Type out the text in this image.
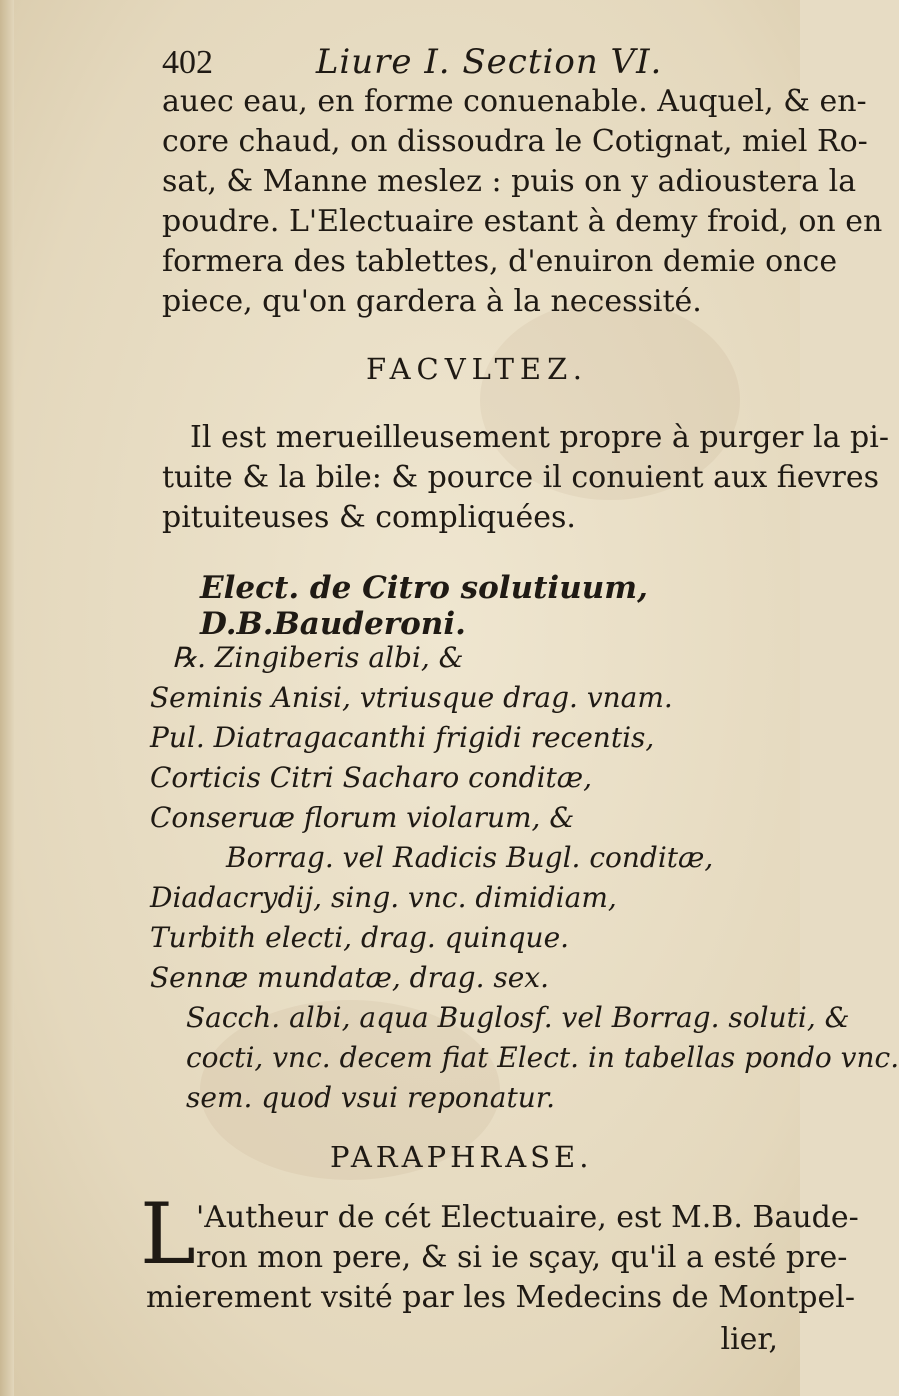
402	Liure I. Section VI.
auec eau, en forme conuenable. Auquel, & en-
core chaud, on dissoudra le Cotignat, miel Ro-
sat, & Manne meslez : puis on y adioustera la
poudre. L'Electuaire estant à demy froid, on en
formera des tablettes, d'enuiron demie once
piece, qu'on gardera à la necessité.
FACVLTEZ.
Il est merueilleusement propre à purger la pi-
tuite & la bile: & pource il conuient aux fievres
pituiteuses & compliquées.
Elect. de Citro solutiuum, D.B.Bauderoni.
℞. Zingiberis albi, &
Seminis Anisi, vtriusque drag. vnam.
Pul. Diatragacanthi frigidi recentis,
Corticis Citri Sacharo conditæ,
Conseruæ florum violarum, &
Borrag. vel Radicis Bugl. conditæ,
Diadacrydij, sing. vnc. dimidiam,
Turbith electi, drag. quinque.
Sennæ mundatæ, drag. sex.
Sacch. albi, aqua Buglosf. vel Borrag. soluti, &
cocti, vnc. decem fiat Elect. in tabellas pondo vnc.
sem. quod vsui reponatur.
PARAPHRASE.
L 'Autheur de cét Electuaire, est M.B. Baude-
ron mon pere, & si ie sçay, qu'il a esté pre-
mierement vsité par les Medecins de Montpel-
lier,
